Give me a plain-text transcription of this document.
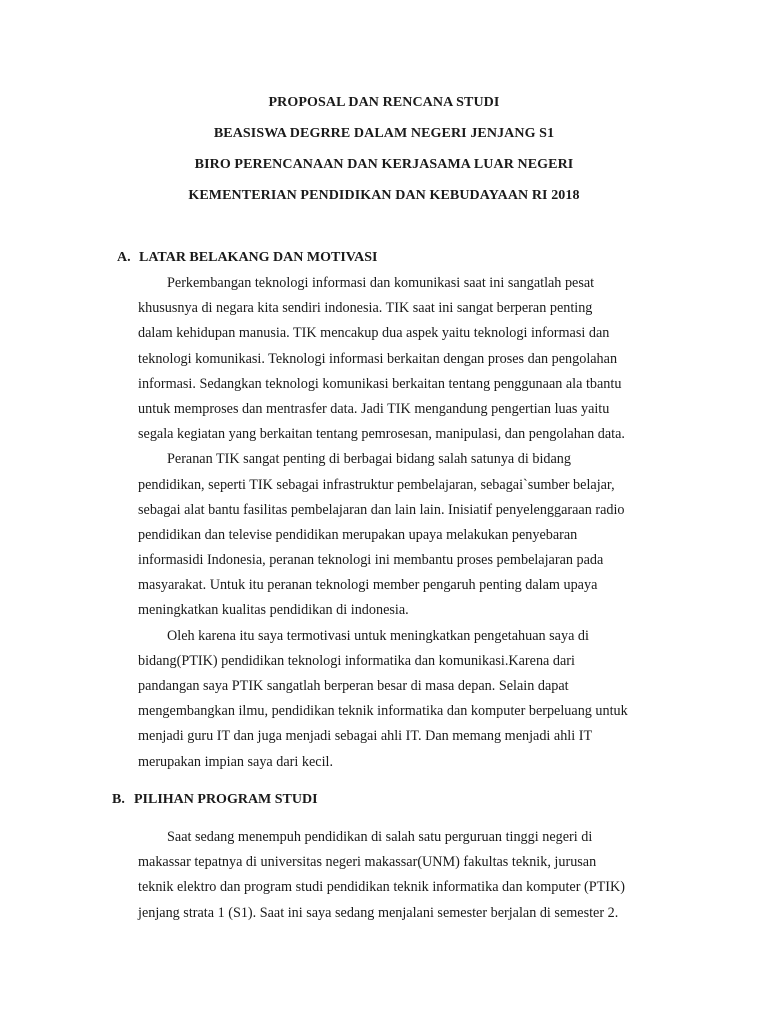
PROPOSAL DAN RENCANA STUDI
BEASISWA DEGRRE DALAM NEGERI JENJANG S1
BIRO PERENCANAAN DAN KERJASAMA LUAR NEGERI
KEMENTERIAN PENDIDIKAN DAN KEBUDAYAAN RI 2018
A. LATAR BELAKANG DAN MOTIVASI
Perkembangan teknologi informasi dan komunikasi saat ini sangatlah pesat
khususnya di negara kita sendiri indonesia. TIK saat ini sangat berperan penting
dalam kehidupan manusia. TIK mencakup dua aspek yaitu teknologi informasi dan
teknologi komunikasi. Teknologi informasi berkaitan dengan proses dan pengolahan
informasi. Sedangkan teknologi komunikasi berkaitan tentang penggunaan ala tbantu
untuk memproses dan mentrasfer data. Jadi TIK mengandung pengertian luas yaitu
segala kegiatan yang berkaitan tentang pemrosesan, manipulasi, dan pengolahan data.
Peranan TIK sangat penting di berbagai bidang salah satunya di bidang
pendidikan, seperti TIK sebagai infrastruktur pembelajaran, sebagai`sumber belajar,
sebagai alat bantu fasilitas pembelajaran dan lain lain. Inisiatif penyelenggaraan radio
pendidikan dan televise pendidikan merupakan upaya melakukan penyebaran
informasidi Indonesia, peranan teknologi ini membantu proses pembelajaran pada
masyarakat. Untuk itu peranan teknologi member pengaruh penting dalam upaya
meningkatkan kualitas pendidikan di indonesia.
Oleh karena itu saya termotivasi untuk meningkatkan pengetahuan saya di
bidang(PTIK) pendidikan teknologi informatika dan komunikasi.Karena dari
pandangan saya PTIK sangatlah berperan besar di masa depan. Selain dapat
mengembangkan ilmu, pendidikan teknik informatika dan komputer berpeluang untuk
menjadi guru IT dan juga menjadi sebagai ahli IT. Dan memang menjadi ahli IT
merupakan impian saya dari kecil.
B. PILIHAN PROGRAM STUDI
Saat sedang menempuh pendidikan di salah satu perguruan tinggi negeri di
makassar tepatnya di universitas negeri makassar(UNM) fakultas teknik, jurusan
teknik elektro dan program studi pendidikan teknik informatika dan komputer (PTIK)
jenjang strata 1 (S1). Saat ini saya sedang menjalani semester berjalan di semester 2.
